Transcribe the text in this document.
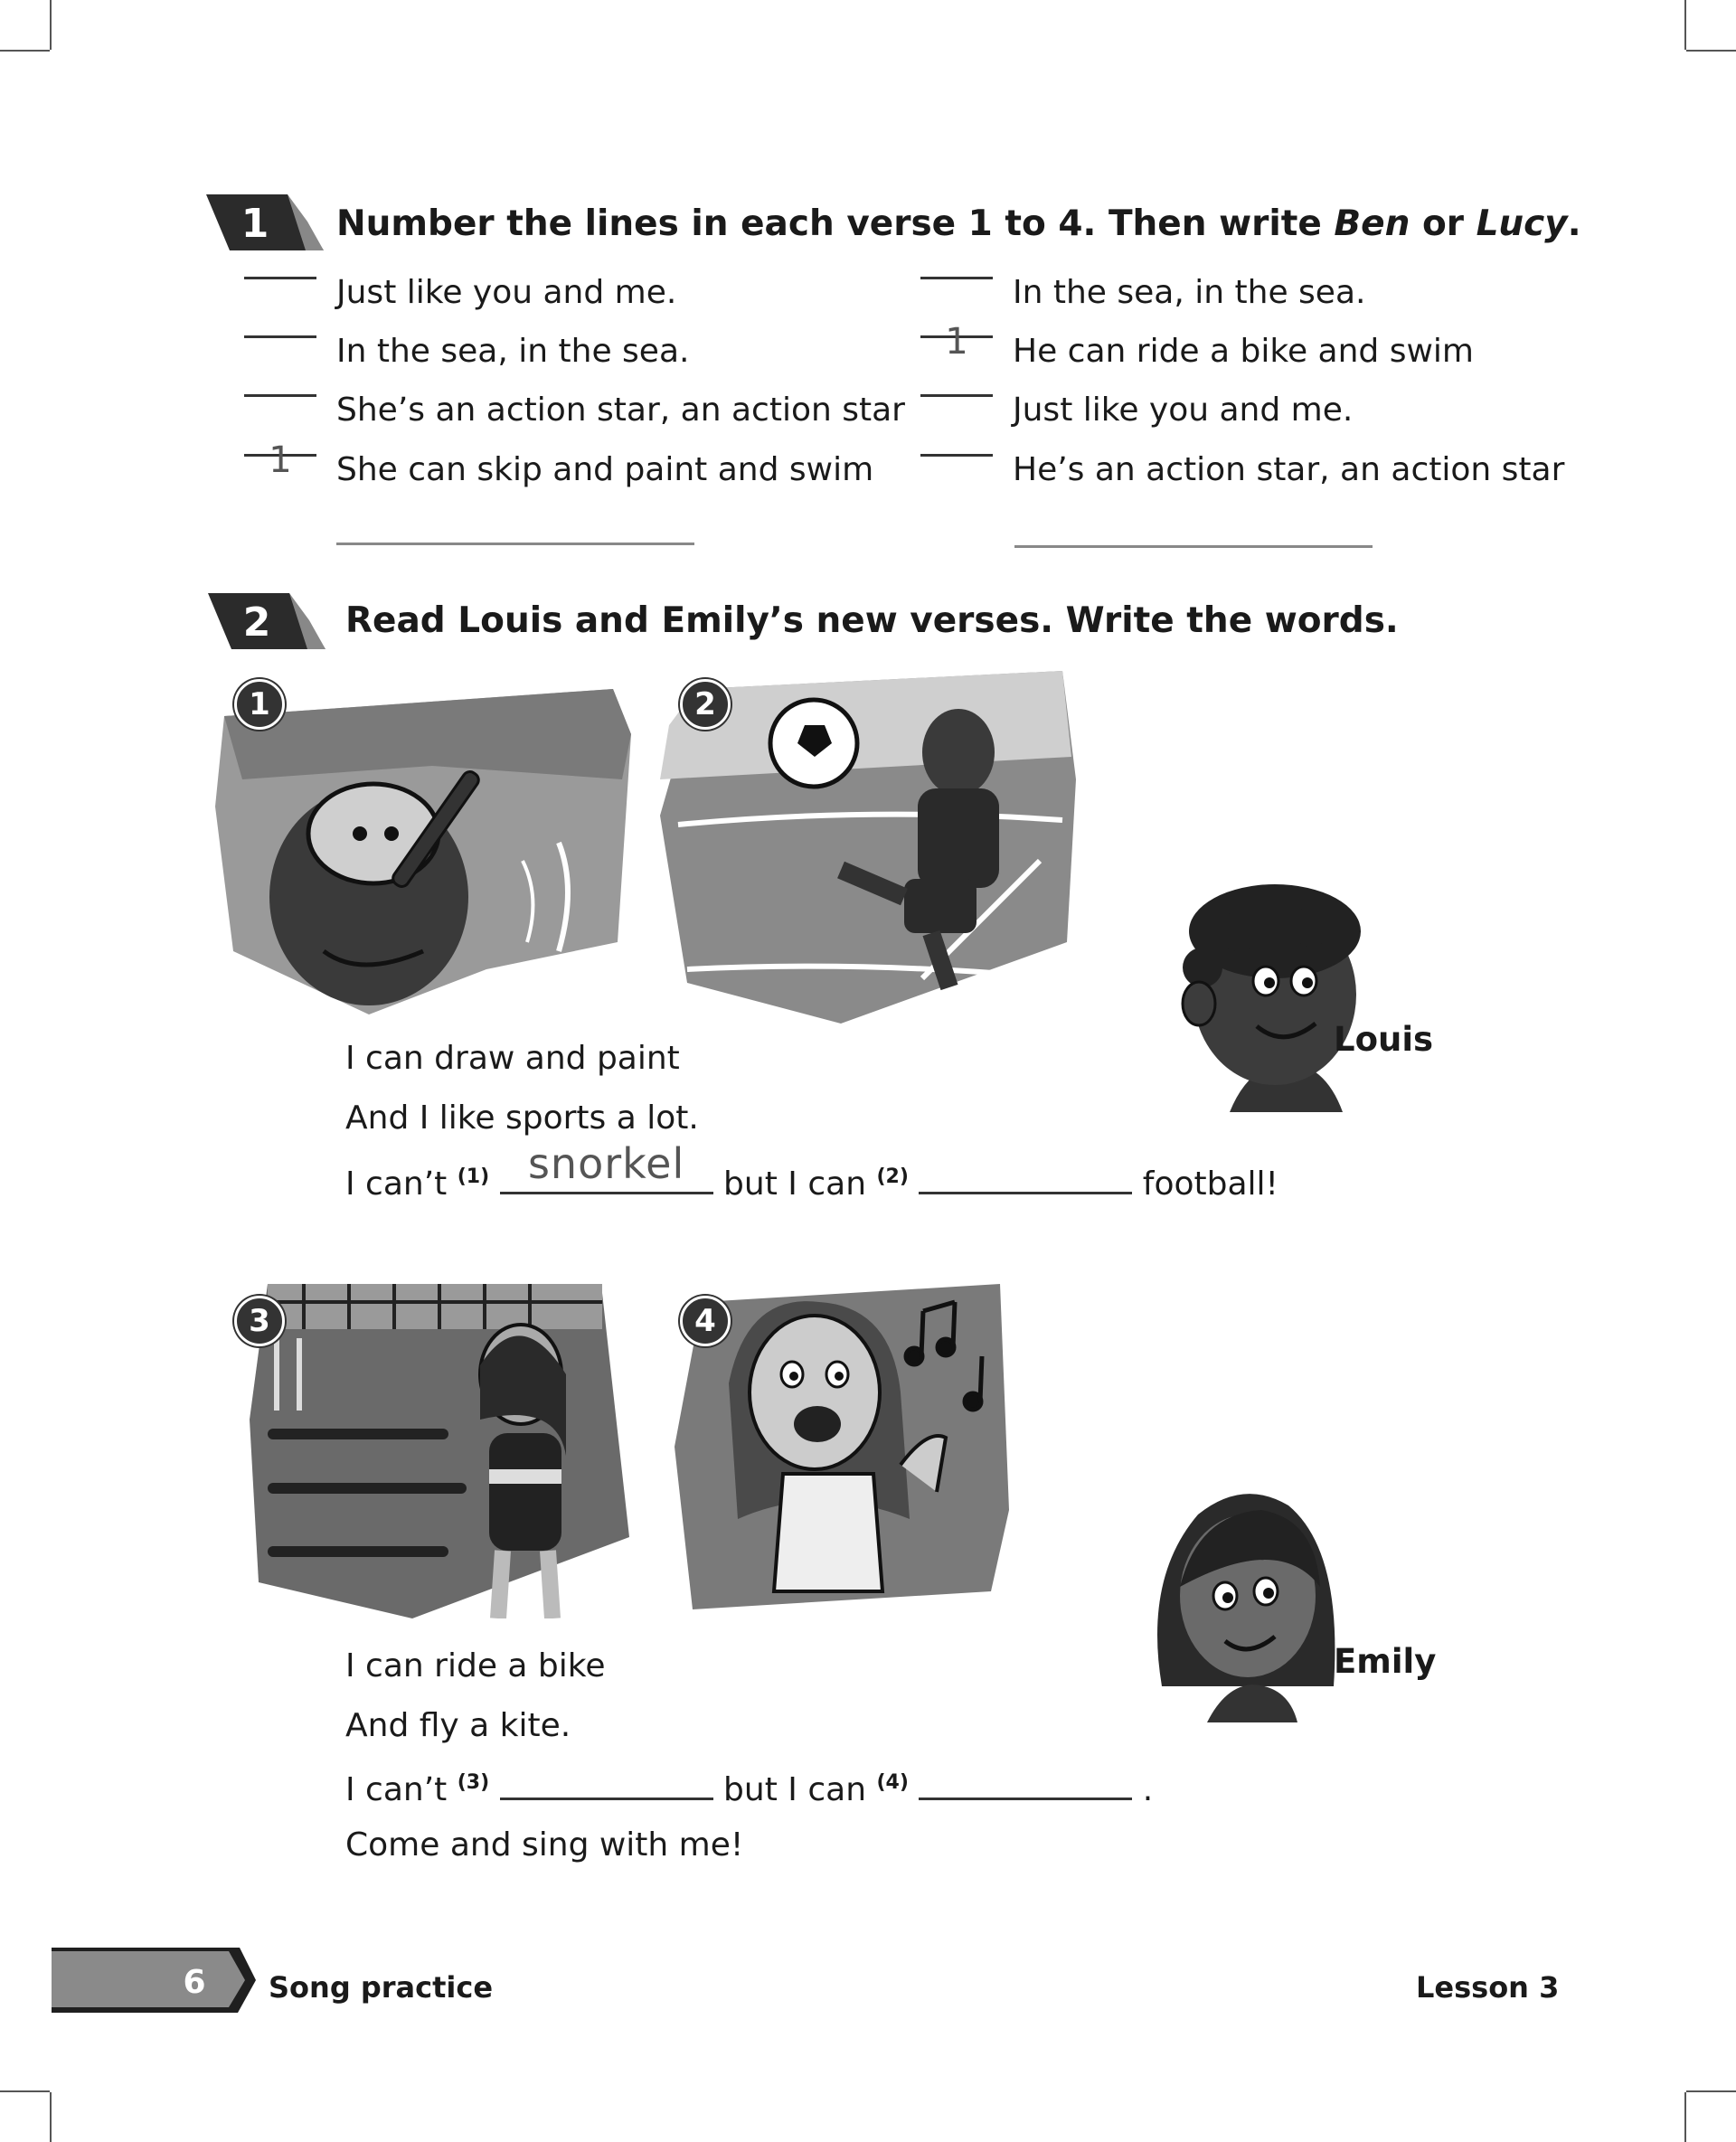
1 Number the lines in each verse 1 to 4. Then write Ben or Lucy.
Just like you and me.
In the sea, in the sea.
She’s an action star, an action star
1	She can skip and paint and swim
In the sea, in the sea.
1	He can ride a bike and swim
Just like you and me.
He’s an action star, an action star
2 Read Louis and Emily’s new verses. Write the words.
1	2
Louis
I can draw and paint
And I like sports a lot.
I can’t $^{(1)}$ snorkel but I can $^{(2)}$	football!
3	4
Emily
I can ride a bike
And fly a kite.
I can’t $^{(3)}$	but I can $^{(4)}$	.
Come and sing with me!
6 Song practice	Lesson 3
